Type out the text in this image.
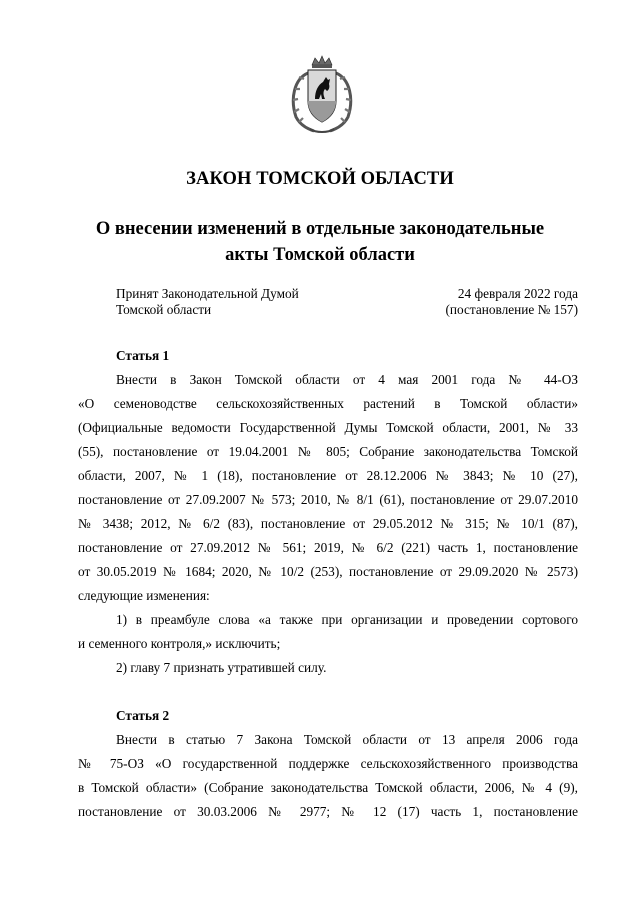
ЗАКОН ТОМСКОЙ ОБЛАСТИ
О внесении изменений в отдельные законодательные
акты Томской области
Принят Законодательной Думой
Томской области
24 февраля 2022 года
(постановление № 157)
Статья 1
Внести в Закон Томской области от 4 мая 2001 года № 44-ОЗ
«О семеноводстве сельскохозяйственных растений в Томской области»
(Официальные ведомости Государственной Думы Томской области, 2001, № 33
(55), постановление от 19.04.2001 № 805; Собрание законодательства Томской
области, 2007, № 1 (18), постановление от 28.12.2006 № 3843; № 10 (27),
постановление от 27.09.2007 № 573; 2010, № 8/1 (61), постановление от 29.07.2010
№ 3438; 2012, № 6/2 (83), постановление от 29.05.2012 № 315; № 10/1 (87),
постановление от 27.09.2012 № 561; 2019, № 6/2 (221) часть 1, постановление
от 30.05.2019 № 1684; 2020, № 10/2 (253), постановление от 29.09.2020 № 2573)
следующие изменения:
1) в преамбуле слова «а также при организации и проведении сортового
и семенного контроля,» исключить;
2) главу 7 признать утратившей силу.
Статья 2
Внести в статью 7 Закона Томской области от 13 апреля 2006 года
№ 75-ОЗ «О государственной поддержке сельскохозяйственного производства
в Томской области» (Собрание законодательства Томской области, 2006, № 4 (9),
постановление от 30.03.2006 № 2977; № 12 (17) часть 1, постановление
